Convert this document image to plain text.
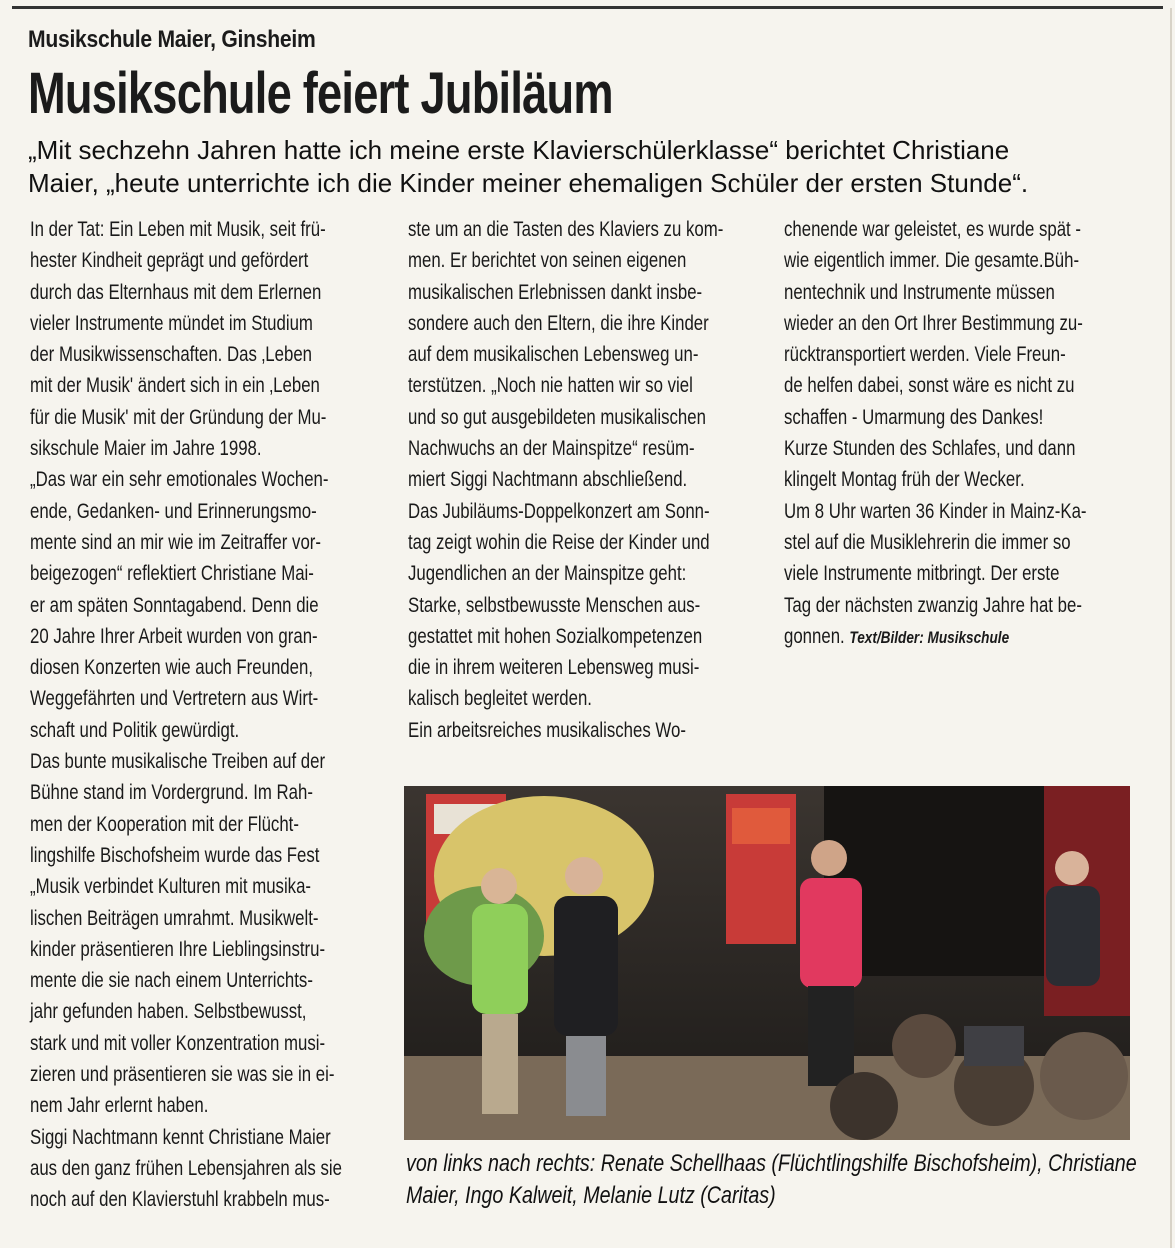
Musikschule Maier, Ginsheim
Musikschule feiert Jubiläum
„Mit sechzehn Jahren hatte ich meine erste Klavierschülerklasse“ berichtet Christiane
Maier, „heute unterrichte ich die Kinder meiner ehemaligen Schüler der ersten Stunde“.
In der Tat: Ein Leben mit Musik, seit frü-
hester Kindheit geprägt und gefördert
durch das Elternhaus mit dem Erlernen
vieler Instrumente mündet im Studium
der Musikwissenschaften. Das ‚Leben
mit der Musik' ändert sich in ein ‚Leben
für die Musik' mit der Gründung der Mu-
sikschule Maier im Jahre 1998.
„Das war ein sehr emotionales Wochen-
ende, Gedanken- und Erinnerungsmo-
mente sind an mir wie im Zeitraffer vor-
beigezogen“ reflektiert Christiane Mai-
er am späten Sonntagabend. Denn die
20 Jahre Ihrer Arbeit wurden von gran-
diosen Konzerten wie auch Freunden,
Weggefährten und Vertretern aus Wirt-
schaft und Politik gewürdigt.
Das bunte musikalische Treiben auf der
Bühne stand im Vordergrund. Im Rah-
men der Kooperation mit der Flücht-
lingshilfe Bischofsheim wurde das Fest
„Musik verbindet Kulturen mit musika-
lischen Beiträgen umrahmt. Musikwelt-
kinder präsentieren Ihre Lieblingsinstru-
mente die sie nach einem Unterrichts-
jahr gefunden haben. Selbstbewusst,
stark und mit voller Konzentration musi-
zieren und präsentieren sie was sie in ei-
nem Jahr erlernt haben.
Siggi Nachtmann kennt Christiane Maier
aus den ganz frühen Lebensjahren als sie
noch auf den Klavierstuhl krabbeln mus-
ste um an die Tasten des Klaviers zu kom-
men. Er berichtet von seinen eigenen
musikalischen Erlebnissen dankt insbe-
sondere auch den Eltern, die ihre Kinder
auf dem musikalischen Lebensweg un-
terstützen. „Noch nie hatten wir so viel
und so gut ausgebildeten musikalischen
Nachwuchs an der Mainspitze“ resüm-
miert Siggi Nachtmann abschließend.
Das Jubiläums-Doppelkonzert am Sonn-
tag zeigt wohin die Reise der Kinder und
Jugendlichen an der Mainspitze geht:
Starke, selbstbewusste Menschen aus-
gestattet mit hohen Sozialkompetenzen
die in ihrem weiteren Lebensweg musi-
kalisch begleitet werden.
Ein arbeitsreiches musikalisches Wo-
chenende war geleistet, es wurde spät -
wie eigentlich immer. Die gesamte.Büh-
nentechnik und Instrumente müssen
wieder an den Ort Ihrer Bestimmung zu-
rücktransportiert werden. Viele Freun-
de helfen dabei, sonst wäre es nicht zu
schaffen - Umarmung des Dankes!
Kurze Stunden des Schlafes, und dann
klingelt Montag früh der Wecker.
Um 8 Uhr warten 36 Kinder in Mainz-Ka-
stel auf die Musiklehrerin die immer so
viele Instrumente mitbringt. Der erste
Tag der nächsten zwanzig Jahre hat be-
gonnen. Text/Bilder: Musikschule
von links nach rechts: Renate Schellhaas (Flüchtlingshilfe Bischofsheim), Christiane
Maier, Ingo Kalweit, Melanie Lutz (Caritas)
